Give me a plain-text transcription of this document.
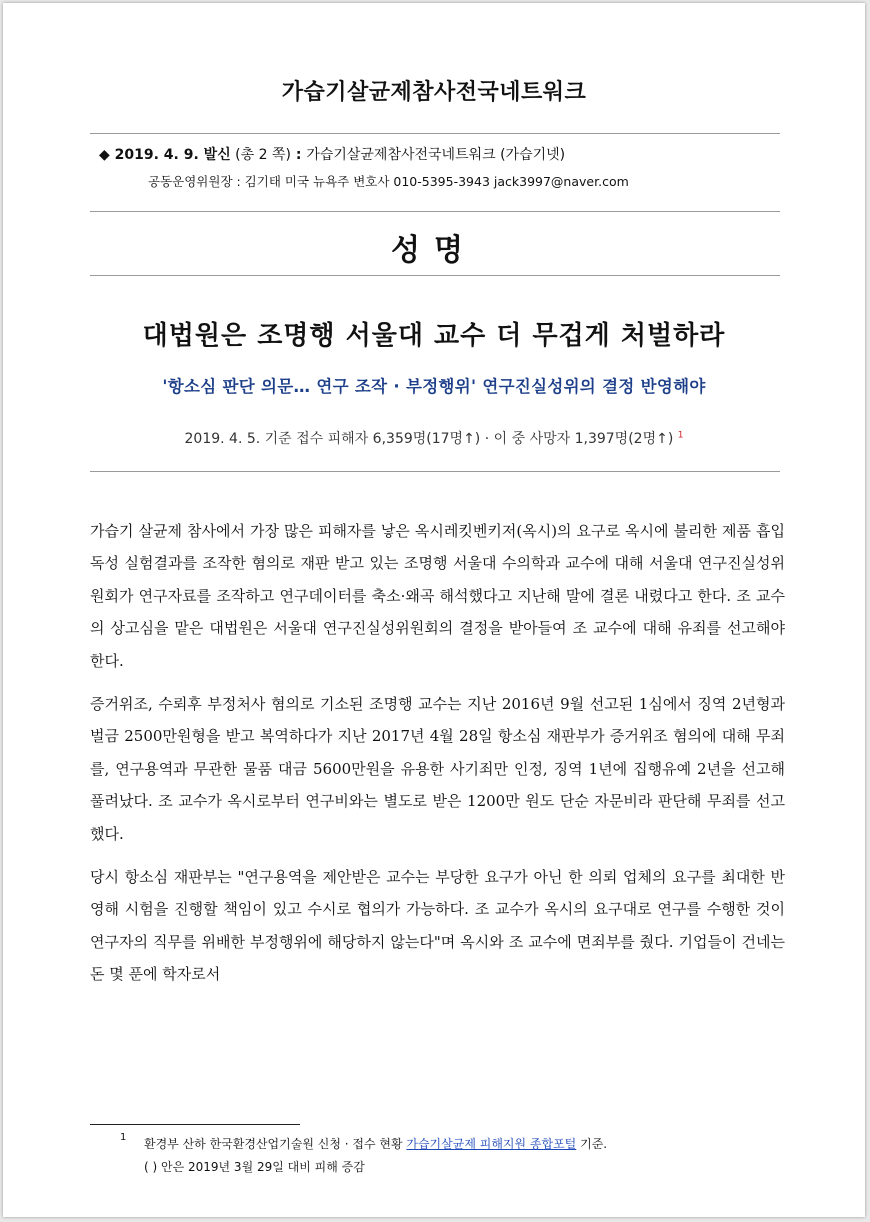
가습기살균제참사전국네트워크
◆ 2019. 4. 9. 발신 (총 2 쪽) : 가습기살균제참사전국네트워크 (가습기넷)
공동운영위원장 : 김기태 미국 뉴욕주 변호사 010-5395-3943 jack3997@naver.com
성명
대법원은 조명행 서울대 교수 더 무겁게 처벌하라
'항소심 판단 의문… 연구 조작 · 부정행위' 연구진실성위의 결정 반영해야
2019. 4. 5. 기준 접수 피해자 6,359명(17명↑) · 이 중 사망자 1,397명(2명↑) $^1$

가습기 살균제 참사에서 가장 많은 피해자를 낳은 옥시레킷벤키저(옥시)의 요구로 옥시에 불리한 제품 흡입 독성 실험결과를 조작한 혐의로 재판 받고 있는 조명행 서울대 수의학과 교수에 대해 서울대 연구진실성위원회가 연구자료를 조작하고 연구데이터를 축소·왜곡 해석했다고 지난해 말에 결론 내렸다고 한다. 조 교수의 상고심을 맡은 대법원은 서울대 연구진실성위원회의 결정을 받아들여 조 교수에 대해 유죄를 선고해야 한다.

증거위조, 수뢰후 부정처사 혐의로 기소된 조명행 교수는 지난 2016년 9월 선고된 1심에서 징역 2년형과 벌금 2500만원형을 받고 복역하다가 지난 2017년 4월 28일 항소심 재판부가 증거위조 혐의에 대해 무죄를, 연구용역과 무관한 물품 대금 5600만원을 유용한 사기죄만 인정, 징역 1년에 집행유예 2년을 선고해 풀려났다. 조 교수가 옥시로부터 연구비와는 별도로 받은 1200만 원도 단순 자문비라 판단해 무죄를 선고했다.

당시 항소심 재판부는 "연구용역을 제안받은 교수는 부당한 요구가 아닌 한 의뢰 업체의 요구를 최대한 반영해 시험을 진행할 책임이 있고 수시로 협의가 가능하다. 조 교수가 옥시의 요구대로 연구를 수행한 것이 연구자의 직무를 위배한 부정행위에 해당하지 않는다"며 옥시와 조 교수에 면죄부를 줬다. 기업들이 건네는 돈 몇 푼에 학자로서

1 환경부 산하 한국환경산업기술원 신청 · 접수 현황 가습기살균제 피해지원 종합포털 기준.
( ) 안은 2019년 3월 29일 대비 피해 증감
